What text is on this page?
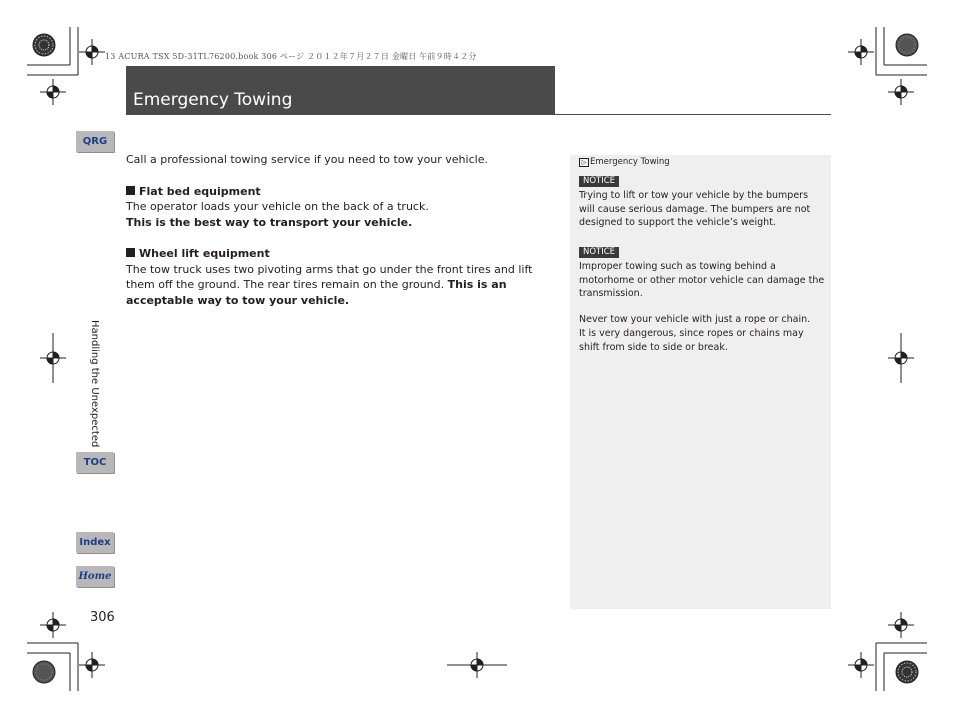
13 ACURA TSX 5D-31TL76200.book 306 ページ ２０１２年７月２７日 金曜日 午前９時４２分
Emergency Towing
QRG
Handling the Unexpected
TOC
Index
Home

Call a professional towing service if you need to tow your vehicle.

Flat bed equipment

The operator loads your vehicle on the back of a truck.

This is the best way to transport your vehicle.

Wheel lift equipment

The tow truck uses two pivoting arms that go under the front tires and lift them off the ground. The rear tires remain on the ground. This is an acceptable way to tow your vehicle.

▷ Emergency Towing
NOTICE
Trying to lift or tow your vehicle by the bumpers will cause serious damage. The bumpers are not designed to support the vehicle’s weight.
NOTICE
Improper towing such as towing behind a motorhome or other motor vehicle can damage the transmission.
Never tow your vehicle with just a rope or chain.
It is very dangerous, since ropes or chains may shift from side to side or break.
306
